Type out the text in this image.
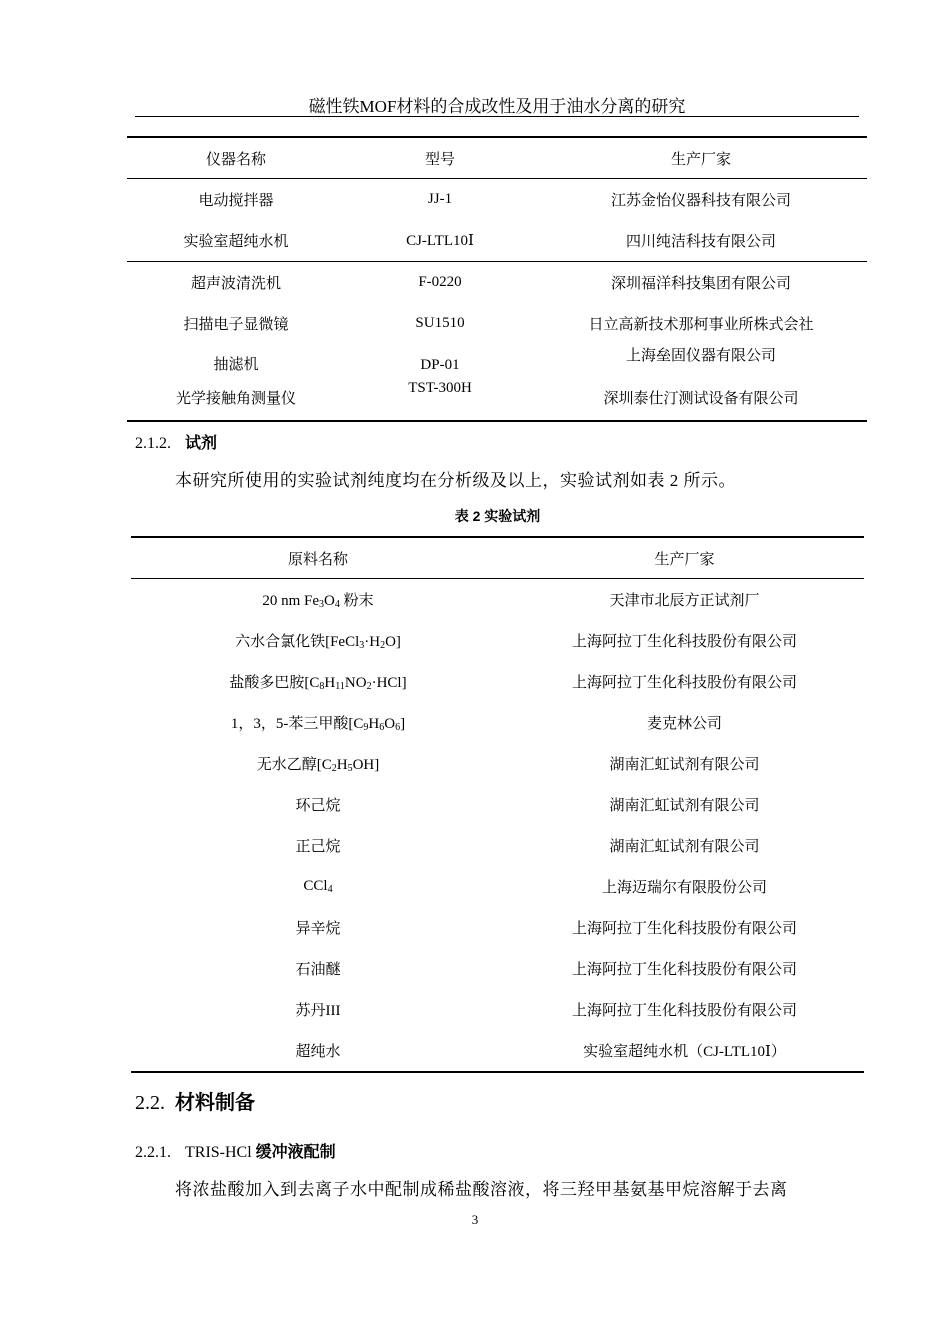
磁性铁MOF材料的合成改性及用于油水分离的研究
仪器名称	型号	生产厂家
电动搅拌器	JJ-1	江苏金怡仪器科技有限公司
实验室超纯水机	CJ-LTL10Ⅰ	四川纯洁科技有限公司
超声波清洗机	F-0220	深圳福洋科技集团有限公司
扫描电子显微镜	SU1510	日立高新技术那柯事业所株式会社
抽滤机	DP-01	上海垒固仪器有限公司
光学接触角测量仪	TST-300H	深圳泰仕汀测试设备有限公司
2.1.2. 试剂
本研究所使用的实验试剂纯度均在分析级及以上，实验试剂如表 2 所示。
表 2 实验试剂
原料名称	生产厂家
20 nm $Fe_3O_4$ 粉末	天津市北辰方正试剂厂
六水合氯化铁$[FeCl_3\cdot H_2O]$	上海阿拉丁生化科技股份有限公司
盐酸多巴胺$[C_8H_{11}NO_2\cdot HCl]$	上海阿拉丁生化科技股份有限公司
1，3，5-苯三甲酸$[C_9H_6O_6]$	麦克林公司
无水乙醇$[C_2H_5OH]$	湖南汇虹试剂有限公司
环己烷	湖南汇虹试剂有限公司
正己烷	湖南汇虹试剂有限公司
CCl$_4$	上海迈瑞尔有限股份公司
异辛烷	上海阿拉丁生化科技股份有限公司
石油醚	上海阿拉丁生化科技股份有限公司
苏丹III	上海阿拉丁生化科技股份有限公司
超纯水	实验室超纯水机（CJ-LTL10Ⅰ）
2.2. 材料制备
2.2.1. TRIS-HCl 缓冲液配制
将浓盐酸加入到去离子水中配制成稀盐酸溶液，将三羟甲基氨基甲烷溶解于去离
3
